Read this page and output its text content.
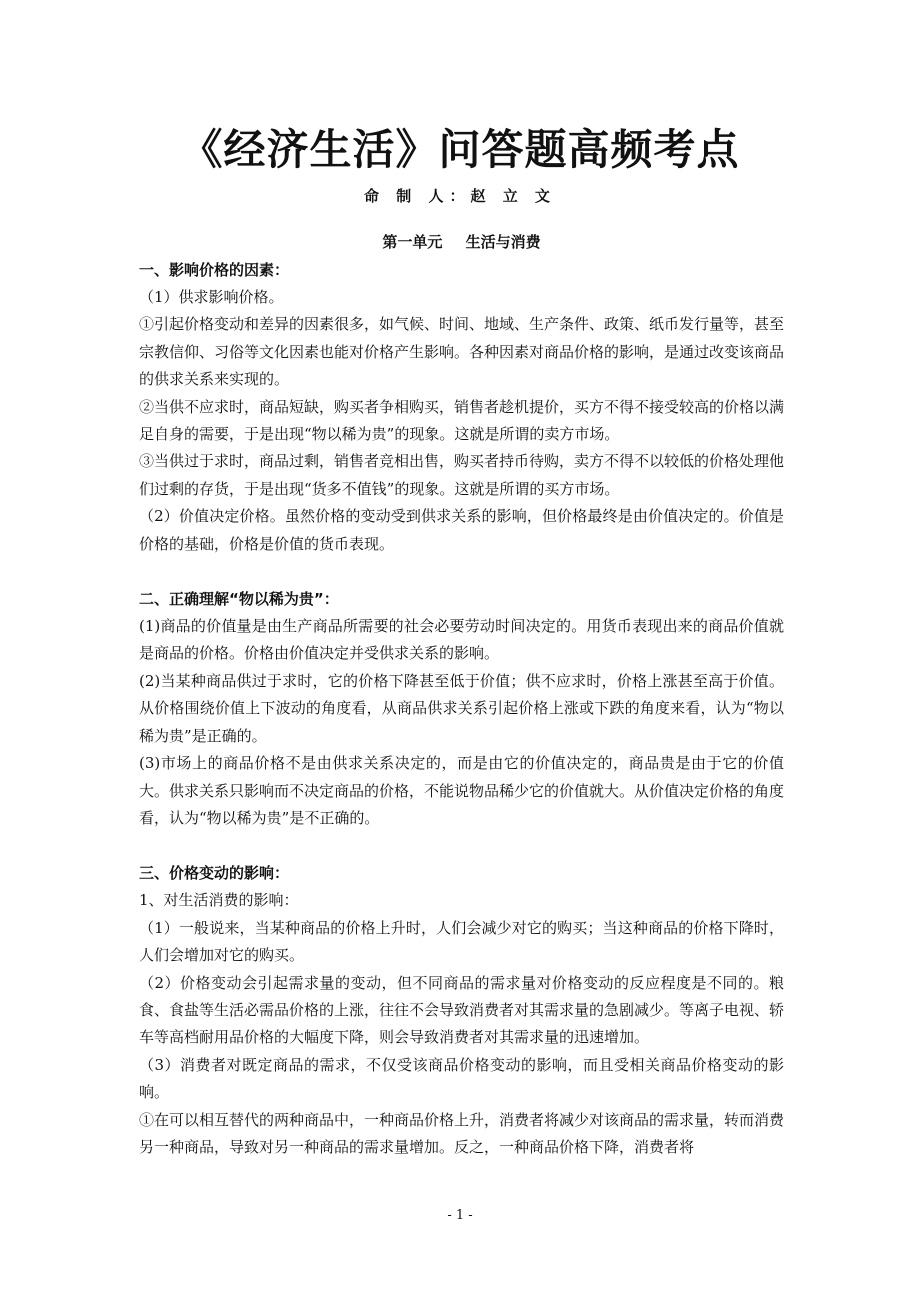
《经济生活》问答题高频考点
命 制 人：赵 立 文

第一单元 生活与消费

一、影响价格的因素：

（1）供求影响价格。

①引起价格变动和差异的因素很多，如气候、时间、地域、生产条件、政策、纸币发行量等，甚至宗教信仰、习俗等文化因素也能对价格产生影响。各种因素对商品价格的影响，是通过改变该商品的供求关系来实现的。

②当供不应求时，商品短缺，购买者争相购买，销售者趁机提价，买方不得不接受较高的价格以满足自身的需要，于是出现“物以稀为贵”的现象。这就是所谓的卖方市场。

③当供过于求时，商品过剩，销售者竞相出售，购买者持币待购，卖方不得不以较低的价格处理他们过剩的存货，于是出现“货多不值钱”的现象。这就是所谓的买方市场。

（2）价值决定价格。虽然价格的变动受到供求关系的影响，但价格最终是由价值决定的。价值是价格的基础，价格是价值的货币表现。

二、正确理解“物以稀为贵”：

(1)商品的价值量是由生产商品所需要的社会必要劳动时间决定的。用货币表现出来的商品价值就是商品的价格。价格由价值决定并受供求关系的影响。

(2)当某种商品供过于求时，它的价格下降甚至低于价值；供不应求时，价格上涨甚至高于价值。从价格围绕价值上下波动的角度看，从商品供求关系引起价格上涨或下跌的角度来看，认为“物以稀为贵”是正确的。

(3)市场上的商品价格不是由供求关系决定的，而是由它的价值决定的，商品贵是由于它的价值大。供求关系只影响而不决定商品的价格，不能说物品稀少它的价值就大。从价值决定价格的角度看，认为“物以稀为贵”是不正确的。

三、价格变动的影响：

1、对生活消费的影响：

（1）一般说来，当某种商品的价格上升时，人们会减少对它的购买；当这种商品的价格下降时，人们会增加对它的购买。

（2）价格变动会引起需求量的变动，但不同商品的需求量对价格变动的反应程度是不同的。粮食、食盐等生活必需品价格的上涨，往往不会导致消费者对其需求量的急剧减少。等离子电视、轿车等高档耐用品价格的大幅度下降，则会导致消费者对其需求量的迅速增加。

（3）消费者对既定商品的需求，不仅受该商品价格变动的影响，而且受相关商品价格变动的影响。

①在可以相互替代的两种商品中，一种商品价格上升，消费者将减少对该商品的需求量，转而消费另一种商品，导致对另一种商品的需求量增加。反之，一种商品价格下降，消费者将

- 1 -
